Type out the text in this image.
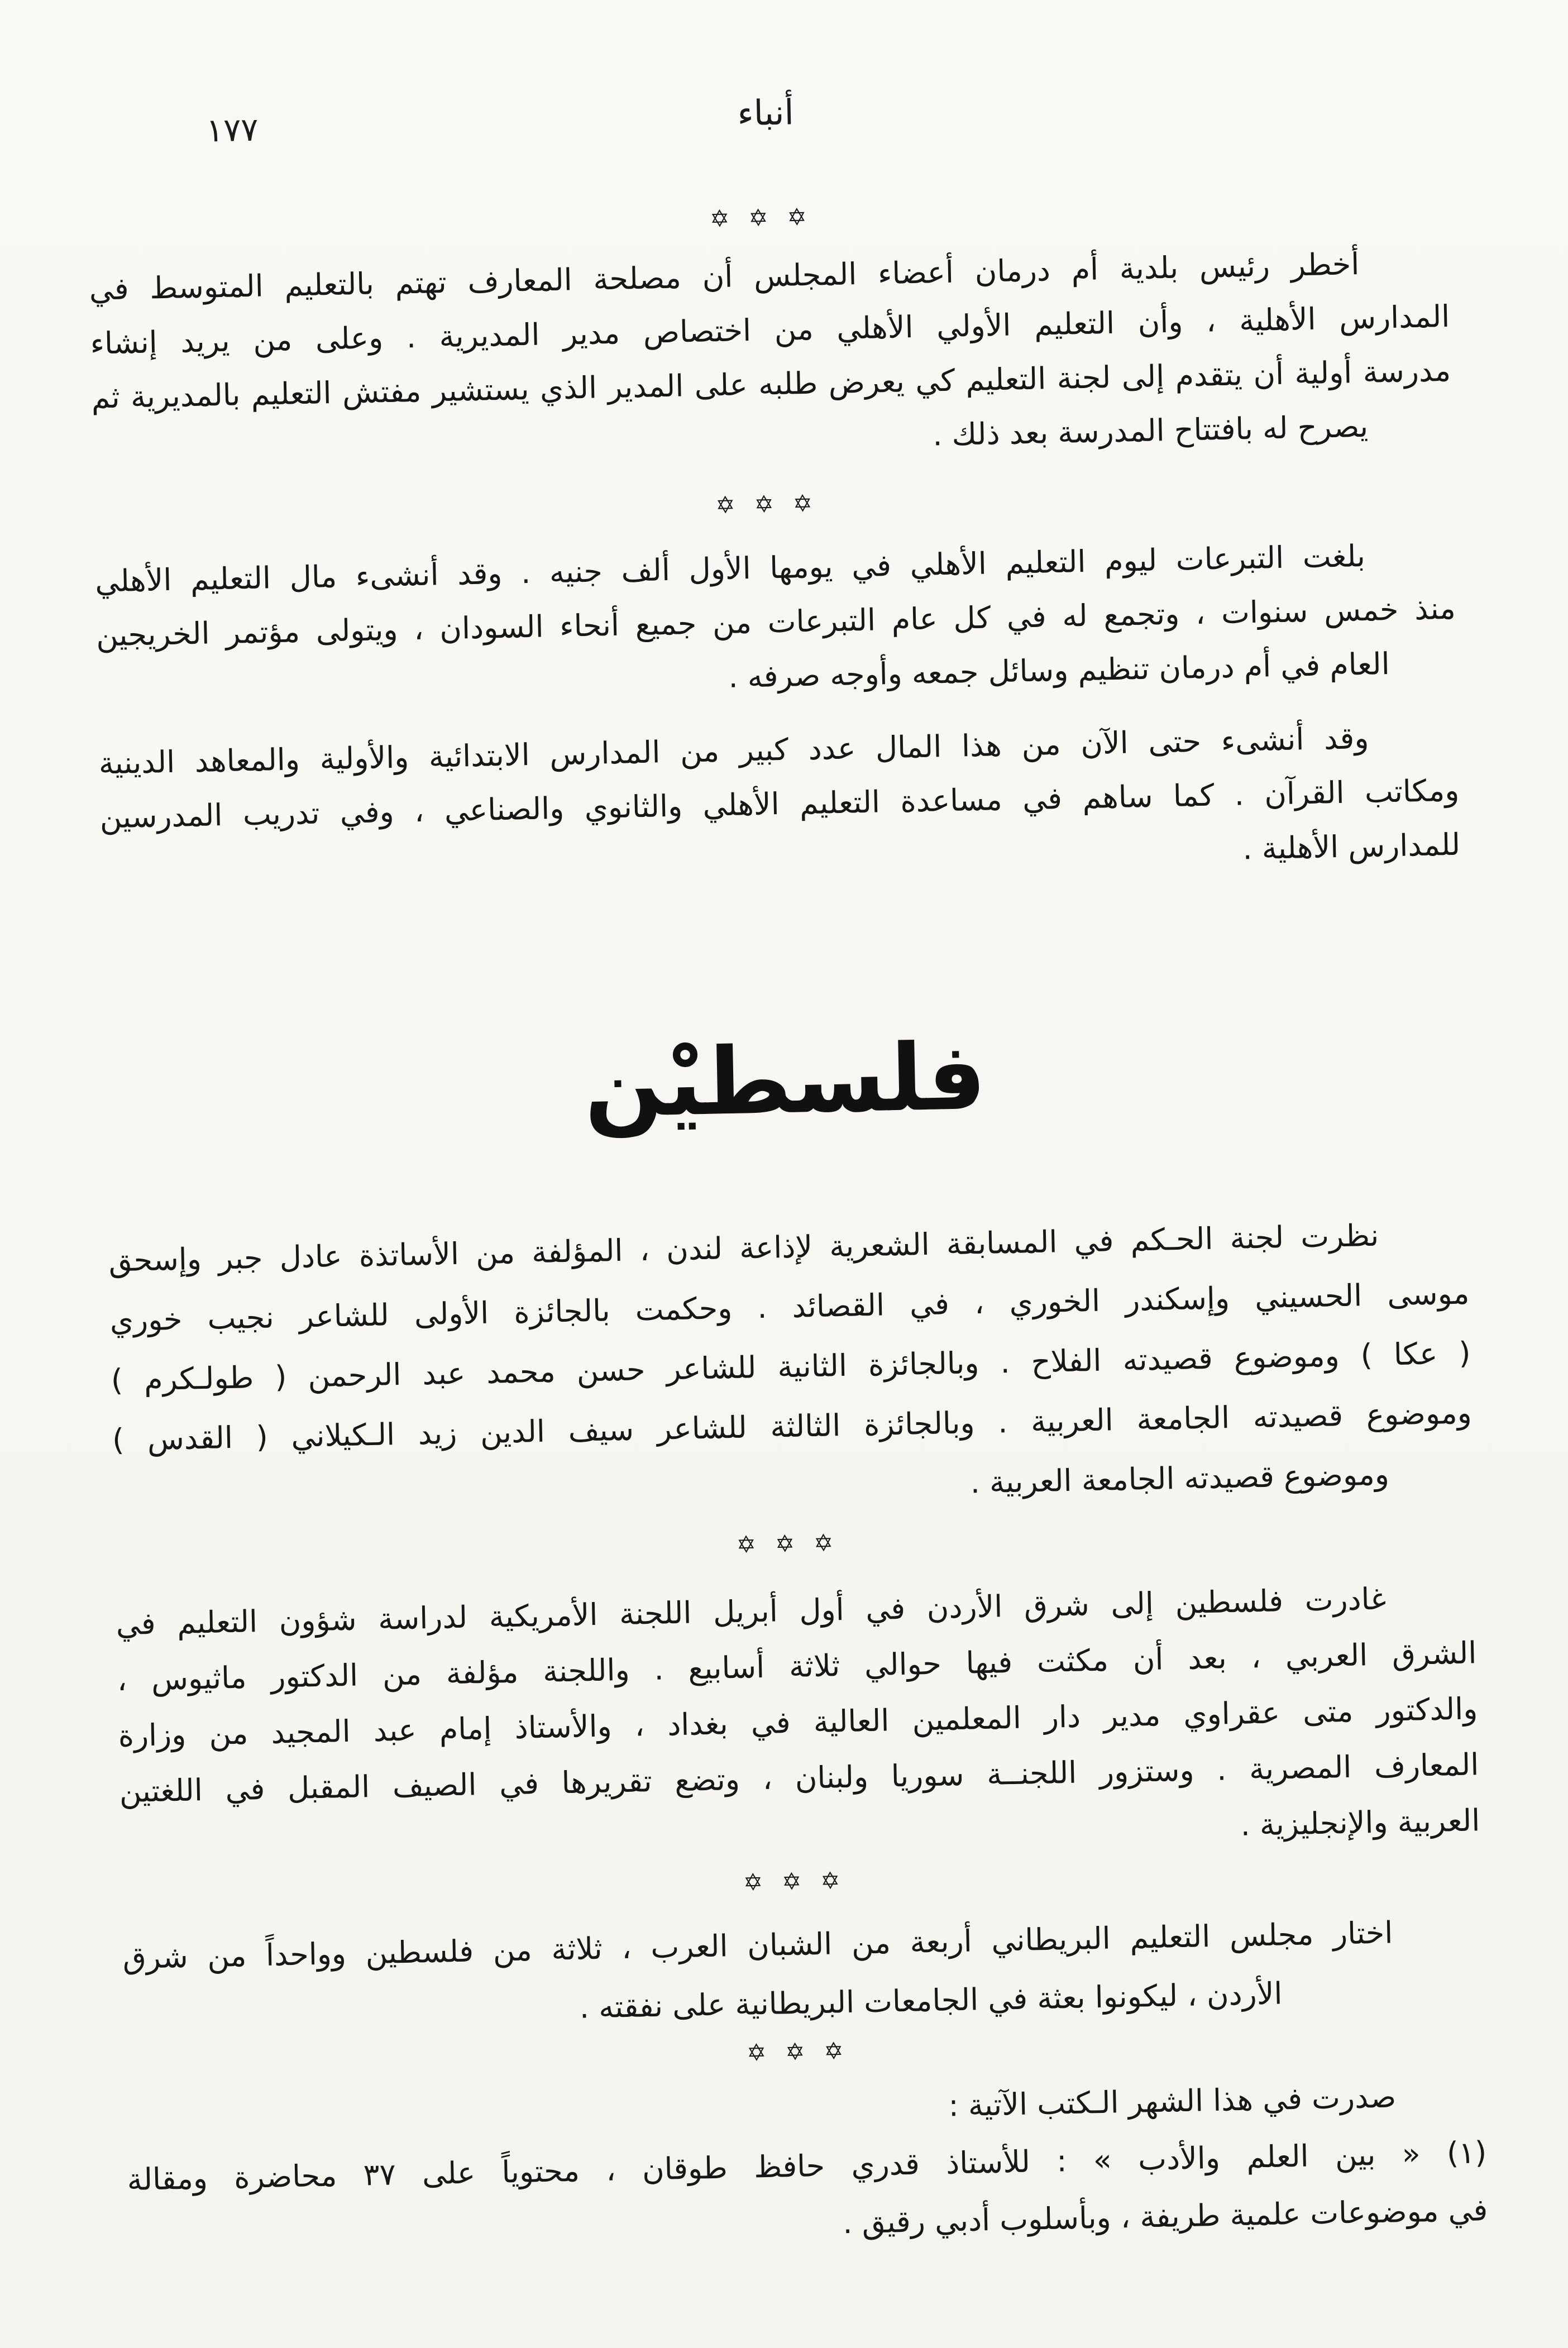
١٧٧	أنباء
✡✡✡
أخطر رئيس بلدية أم درمان أعضاء المجلس أن مصلحة المعارف تهتم بالتعليم المتوسط في
المدارس الأهلية ، وأن التعليم الأولي الأهلي من اختصاص مدير المديرية . وعلى من يريد إنشاء
مدرسة أولية أن يتقدم إلى لجنة التعليم كي يعرض طلبه على المدير الذي يستشير مفتش التعليم بالمديرية ثم
يصرح له بافتتاح المدرسة بعد ذلك .
✡✡✡
بلغت التبرعات ليوم التعليم الأهلي في يومها الأول ألف جنيه . وقد أنشىء مال التعليم الأهلي
منذ خمس سنوات ، وتجمع له في كل عام التبرعات من جميع أنحاء السودان ، ويتولى مؤتمر الخريجين
العام في أم درمان تنظيم وسائل جمعه وأوجه صرفه .
وقد أنشىء حتى الآن من هذا المال عدد كبير من المدارس الابتدائية والأولية والمعاهد الدينية
ومكاتب القرآن . كما ساهم في مساعدة التعليم الأهلي والثانوي والصناعي ، وفي تدريب المدرسين
للمدارس الأهلية .
فلسطيْن
نظرت لجنة الحـكم في المسابقة الشعرية لإذاعة لندن ، المؤلفة من الأساتذة عادل جبر وإسحق
موسى الحسيني وإسكندر الخوري ، في القصائد . وحكمت بالجائزة الأولى للشاعر نجيب خوري
( عكا ) وموضوع قصيدته الفلاح . وبالجائزة الثانية للشاعر حسن محمد عبد الرحمن ( طولـكرم )
وموضوع قصيدته الجامعة العربية . وبالجائزة الثالثة للشاعر سيف الدين زيد الـكيلاني ( القدس )
وموضوع قصيدته الجامعة العربية .
✡✡✡
غادرت فلسطين إلى شرق الأردن في أول أبريل اللجنة الأمريكية لدراسة شؤون التعليم في
الشرق العربي ، بعد أن مكثت فيها حوالي ثلاثة أسابيع . واللجنة مؤلفة من الدكتور ماثيوس ،
والدكتور متى عقراوي مدير دار المعلمين العالية في بغداد ، والأستاذ إمام عبد المجيد من وزارة
المعارف المصرية . وستزور اللجنــة سوريا ولبنان ، وتضع تقريرها في الصيف المقبل في اللغتين
العربية والإنجليزية .
✡✡✡
اختار مجلس التعليم البريطاني أربعة من الشبان العرب ، ثلاثة من فلسطين وواحداً من شرق
الأردن ، ليكونوا بعثة في الجامعات البريطانية على نفقته .
✡✡✡
صدرت في هذا الشهر الـكتب الآتية :
(١) « بين العلم والأدب » : للأستاذ قدري حافظ طوقان ، محتوياً على ٣٧ محاضرة ومقالة
في موضوعات علمية طريفة ، وبأسلوب أدبي رقيق .
